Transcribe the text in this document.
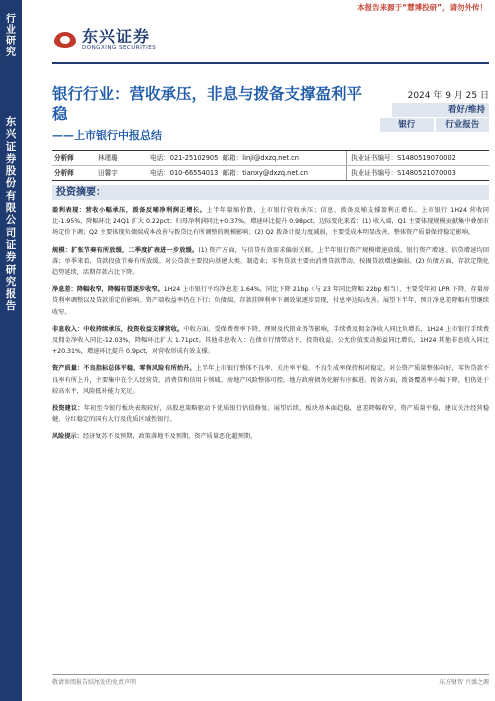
行
业
研
究
东
兴
证
券
股
份
有
限
公
司
证
券
研
究
报
告
本报告来源于“慧博投研”，请勿外传！
东兴证券
DONGXING SECURITIES
银行行业：营收承压，非息与拨备支撑盈利平稳
——上市银行中报总结
2024 年 9 月 25 日
看好/维持
银行	行业报告
分析师	林瑾璐	电话：021-25102905 邮箱：linjl@dxzq.net.cn	执业证书编号：S1480519070002
分析师	田馨宇	电话：010-66554013 邮箱：tianxy@dxzq.net.cn	执业证书编号：S1480521070003
投资摘要：

盈利表现：营收小幅承压，拨备反哺净利润正增长。上半年量缩价跌，上市银行营收承压；信息、拨备反哺支撑盈利正增长。上市银行 1H24 营收同比-1.95%，降幅环比 24Q1 扩大 0.22pct；归母净利润同比+0.37%，增速环比提升 0.98pct。边际变化来看：(1) 收入端，Q1 主要体现规模贡献集中叠加市场定价下调；Q2 主要体现负债端成本改善与拨贷比有所调整的规模影响；(2) Q2 拨备计提力度减弱，主要受成本明显改善、整体资产质量保持稳定影响。

规模：扩张节奏有所放缓，二季度扩表进一步放缓。(1) 资产方面，与信贷有效需求偏弱关联，上半年银行资产规模增速放缓，银行资产增速、信贷增速均回落；单季来看，贷款投放节奏有所放缓。对公贷款主要投向基建大类、制造业；零售贷款主要由消费贷款带动，按揭贷款增速偏弱。(2) 负债方面，存款定期化趋势延续，活期存款占比下降。

净息差：降幅收窄，降幅有望逐步收窄。1H24 上市银行平均净息差 1.64%，同比下降 21bp（与 23 年同比降幅 22bp 相当），主要受年初 LPR 下降、存量房贷利率调整以及贷款重定价影响。资产端收益率仍在下行；负债端，存款挂牌利率下调效果逐步显现，付息率边际改善。展望下半年，预计净息差降幅有望继续收窄。

非息收入：中收持续承压，投资收益支撑营收。中收方面，受保费费率下降、理财及代销业务等影响，手续费及佣金净收入同比负增长，1H24 上市银行手续费及佣金净收入同比-12.03%，降幅环比扩大 1.71pct。其他非息收入：在债市行情带动下，投资收益、公允价值变动损益同比增长，1H24 其他非息收入同比+20.31%，增速环比提升 0.9pct，对营收形成有效支撑。

资产质量：不良指标总体平稳，零售风险有所抬升。上半年上市银行整体不良率、关注率平稳，不良生成率保持相对稳定。对公资产质量整体向好，零售贷款不良率有所上升，主要集中在个人经营贷、消费贷和信用卡领域。房地产风险整体可控，地方政府债务化解有序推进。拨备方面，拨备覆盖率小幅下降，但仍处于较高水平，风险抵补能力充足。

投资建议：年初至今银行板块表现较好，高股息策略驱动下优质银行估值修复。展望后续，板块基本面趋稳，息差降幅收窄，资产质量平稳，建议关注经营稳健、分红稳定的国有大行及优质区域性银行。

风险提示：经济复苏不及预期，政策落地不及预期，资产质量恶化超预期。

敬请参阅报告结尾处的免责声明	东方财智 兴盛之源
